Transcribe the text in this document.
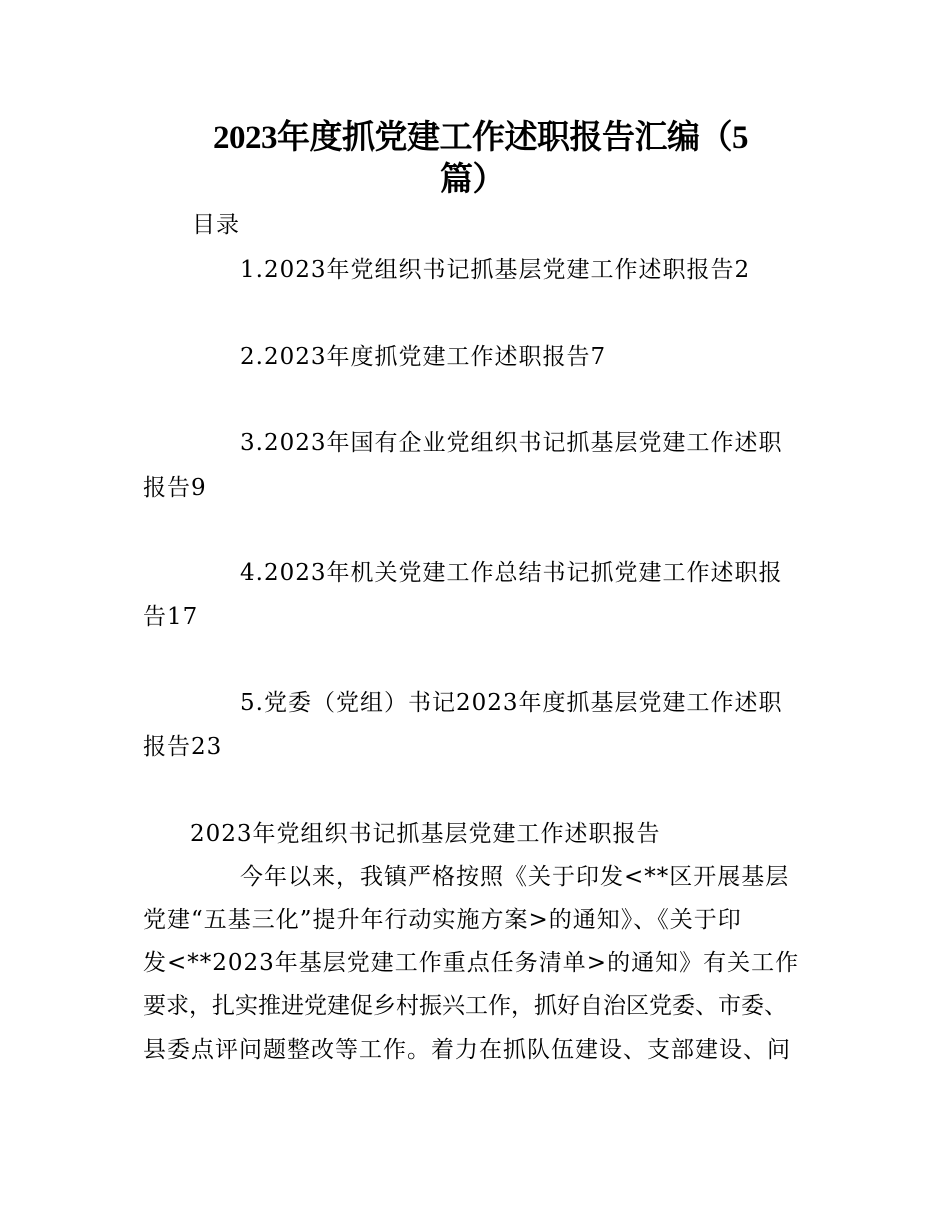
2023年度抓党建工作述职报告汇编（5
篇）
目录
1.2023年党组织书记抓基层党建工作述职报告2
2.2023年度抓党建工作述职报告7
3.2023年国有企业党组织书记抓基层党建工作述职
报告9
4.2023年机关党建工作总结书记抓党建工作述职报
告17
5.党委（党组）书记2023年度抓基层党建工作述职
报告23
2023年党组织书记抓基层党建工作述职报告
今年以来，我镇严格按照《关于印发<**区开展基层
党建“五基三化”提升年行动实施方案>的通知》、《关于印
发<**2023年基层党建工作重点任务清单>的通知》有关工作
要求，扎实推进党建促乡村振兴工作，抓好自治区党委、市委、
县委点评问题整改等工作。着力在抓队伍建设、支部建设、问
